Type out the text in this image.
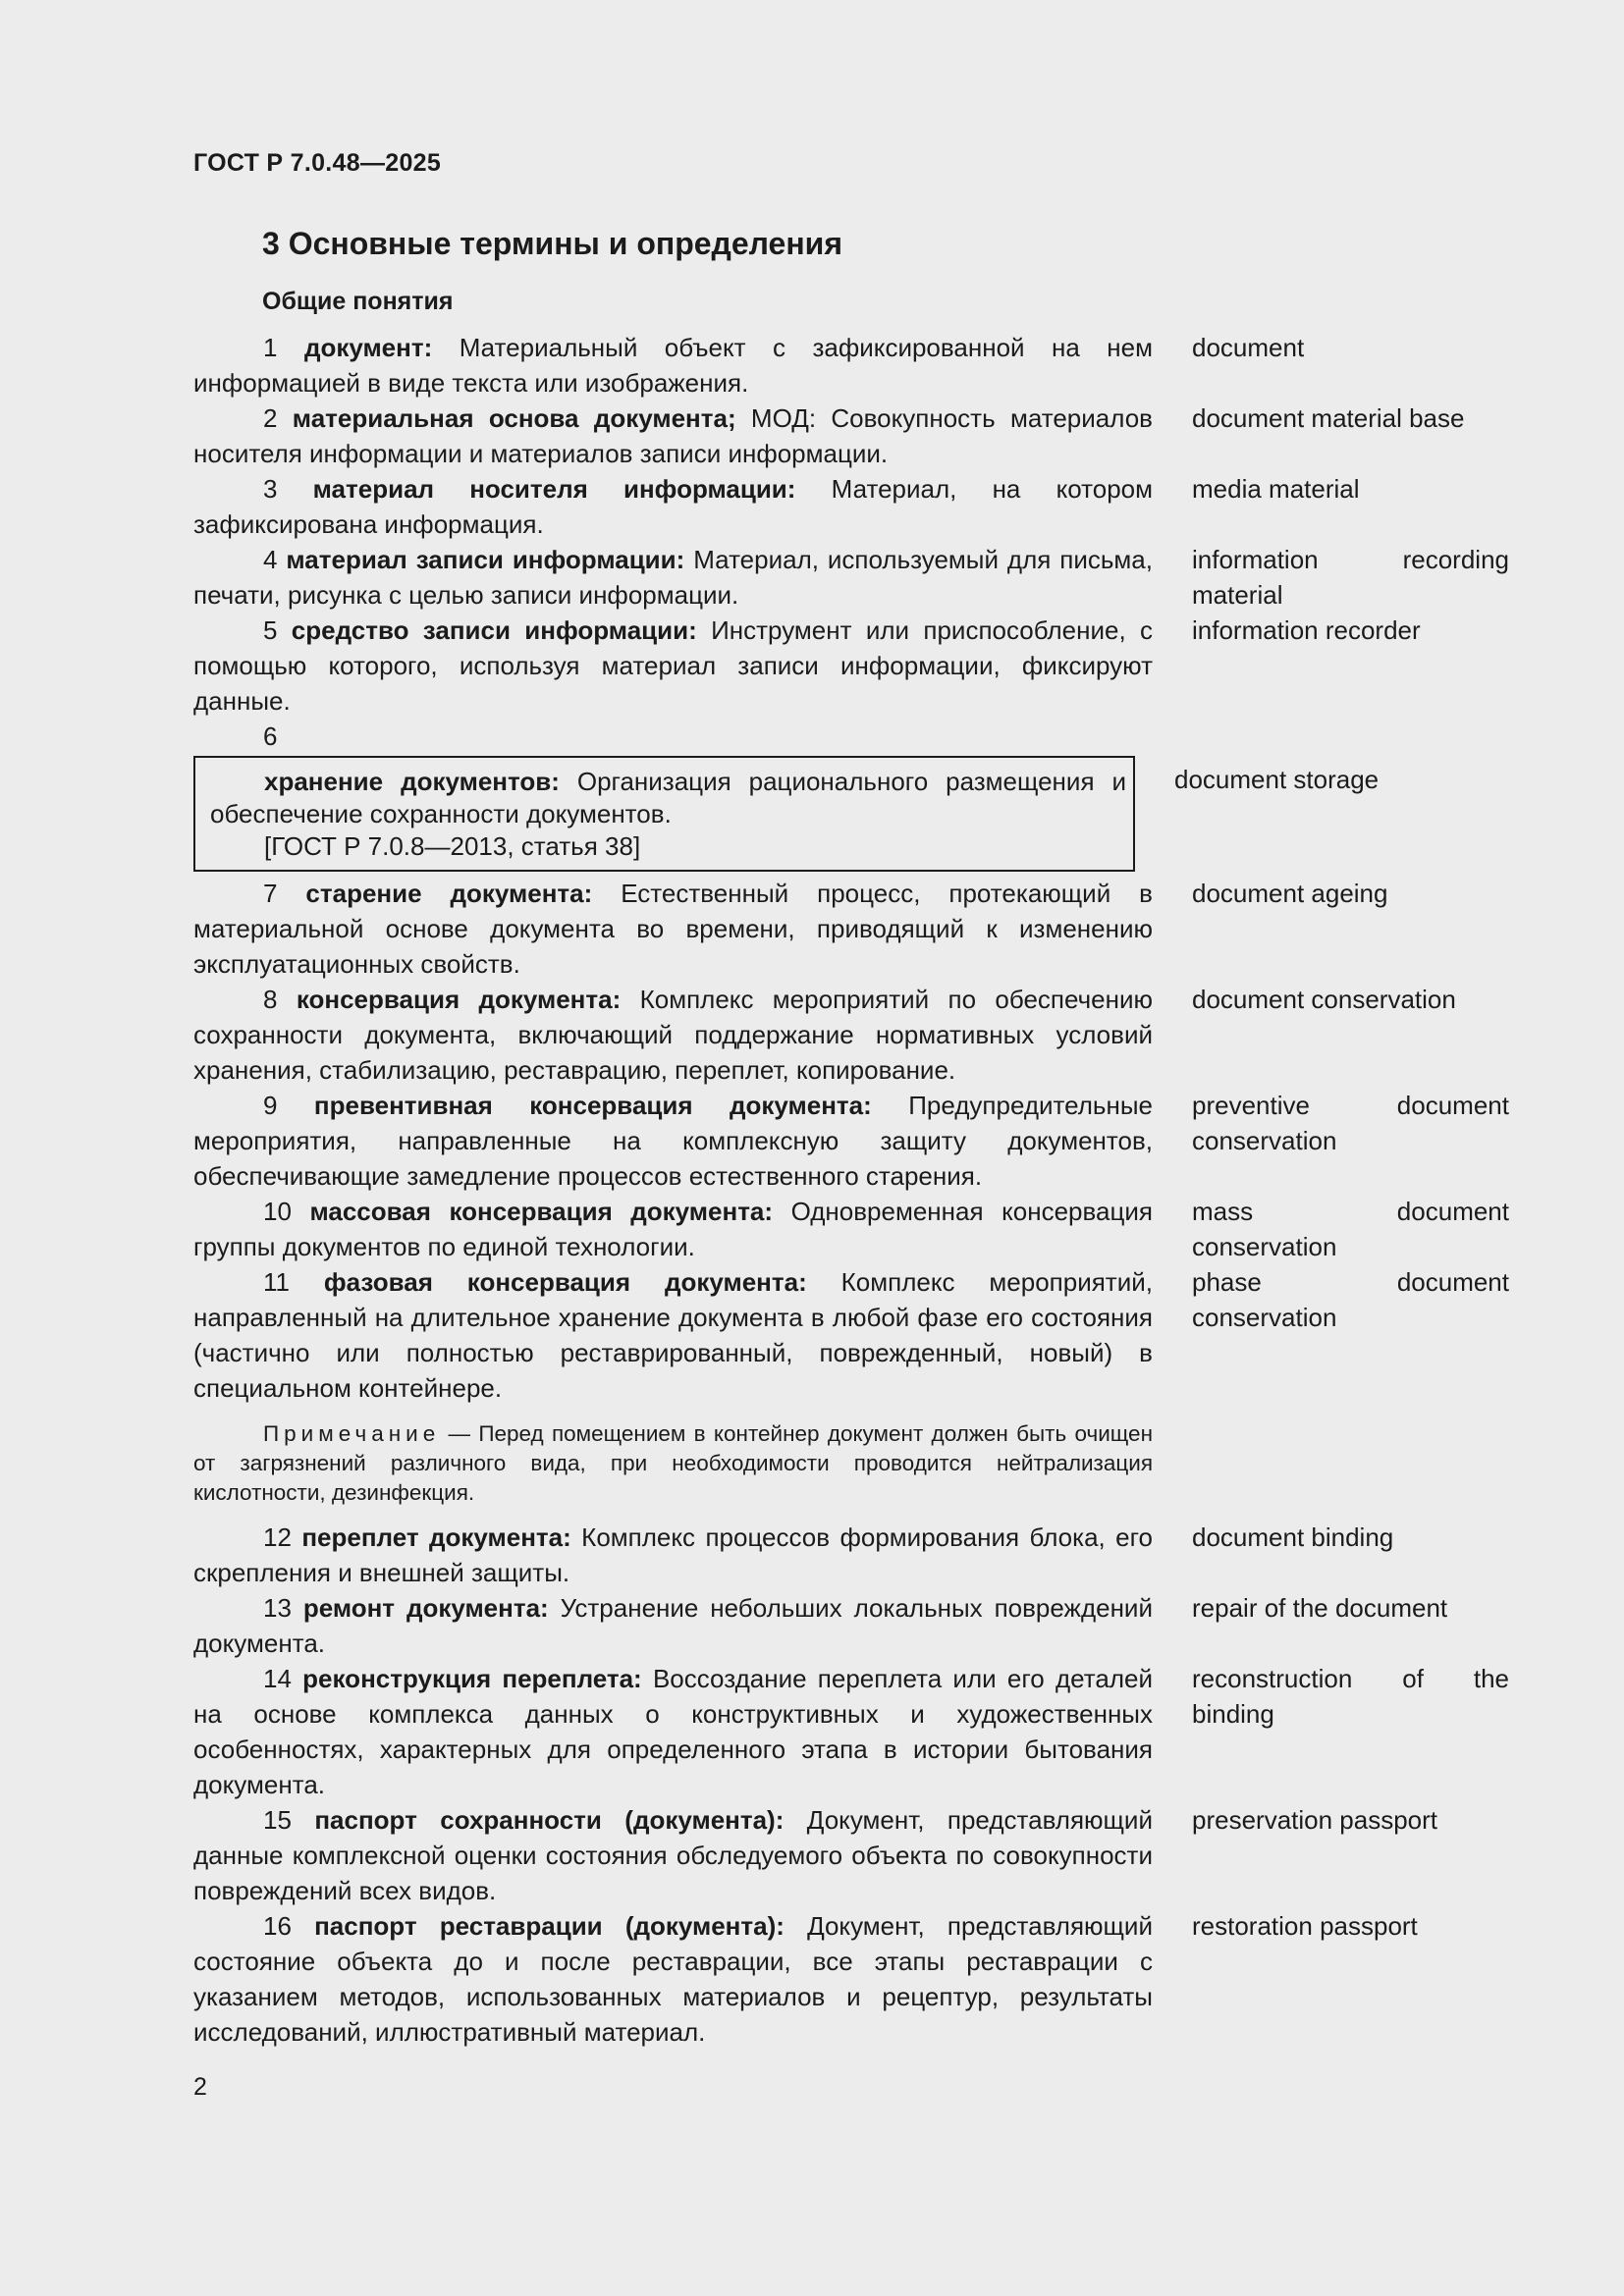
ГОСТ Р 7.0.48—2025
3 Основные термины и определения
Общие понятия

1 документ: Материальный объект с зафиксированной на нем информацией в виде текста или изображения.

document

2 материальная основа документа; МОД: Совокупность материалов носителя информации и материалов записи информации.

document material base

3 материал носителя информации: Материал, на котором зафиксирована информация.

media material

4 материал записи информации: Материал, используемый для письма, печати, рисунка с целью записи информации.

information recording material

5 средство записи информации: Инструмент или приспособление, с помощью которого, используя материал записи информации, фиксируют данные.

information recorder

6

хранение документов: Организация рационального размещения и обеспечение сохранности документов.

[ГОСТ Р 7.0.8—2013, статья 38]

document storage

7 старение документа: Естественный процесс, протекающий в материальной основе документа во времени, приводящий к изменению эксплуатационных свойств.

document ageing

8 консервация документа: Комплекс мероприятий по обеспечению сохранности документа, включающий поддержание нормативных условий хранения, стабилизацию, реставрацию, переплет, копирование.

document conservation

9 превентивная консервация документа: Предупредительные мероприятия, направленные на комплексную защиту документов, обеспечивающие замедление процессов естественного старения.

preventive document conservation

10 массовая консервация документа: Одновременная консервация группы документов по единой технологии.

mass document conservation

11 фазовая консервация документа: Комплекс мероприятий, направленный на длительное хранение документа в любой фазе его состояния (частично или полностью реставрированный, поврежденный, новый) в специальном контейнере.

phase document conservation

Примечание — Перед помещением в контейнер документ должен быть очищен от загрязнений различного вида, при необходимости проводится нейтрализация кислотности, дезинфекция.

12 переплет документа: Комплекс процессов формирования блока, его скрепления и внешней защиты.

document binding

13 ремонт документа: Устранение небольших локальных повреждений документа.

repair of the document

14 реконструкция переплета: Воссоздание переплета или его деталей на основе комплекса данных о конструктивных и художественных особенностях, характерных для определенного этапа в истории бытования документа.

reconstruction of the binding

15 паспорт сохранности (документа): Документ, представляющий данные комплексной оценки состояния обследуемого объекта по совокупности повреждений всех видов.

preservation passport

16 паспорт реставрации (документа): Документ, представляющий состояние объекта до и после реставрации, все этапы реставрации с указанием методов, использованных материалов и рецептур, результаты исследований, иллюстративный материал.

restoration passport
2
